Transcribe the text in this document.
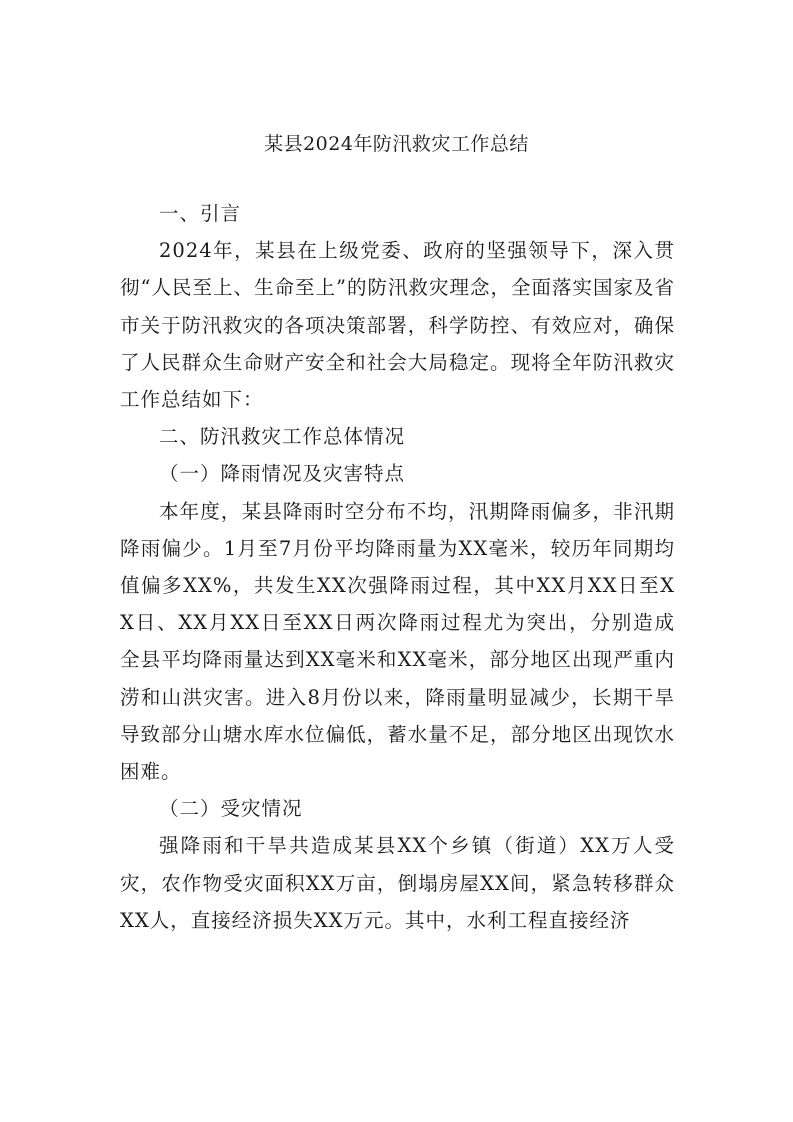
某县2024年防汛救灾工作总结

一、引言

2024年，某县在上级党委、政府的坚强领导下，深入贯彻“人民至上、生命至上”的防汛救灾理念，全面落实国家及省市关于防汛救灾的各项决策部署，科学防控、有效应对，确保了人民群众生命财产安全和社会大局稳定。现将全年防汛救灾工作总结如下：

二、防汛救灾工作总体情况

（一）降雨情况及灾害特点

本年度，某县降雨时空分布不均，汛期降雨偏多，非汛期降雨偏少。1月至7月份平均降雨量为XX毫米，较历年同期均值偏多XX%，共发生XX次强降雨过程，其中XX月XX日至XX日、XX月XX日至XX日两次降雨过程尤为突出，分别造成全县平均降雨量达到XX毫米和XX毫米，部分地区出现严重内涝和山洪灾害。进入8月份以来，降雨量明显减少，长期干旱导致部分山塘水库水位偏低，蓄水量不足，部分地区出现饮水困难。

（二）受灾情况

强降雨和干旱共造成某县XX个乡镇（街道）XX万人受灾，农作物受灾面积XX万亩，倒塌房屋XX间，紧急转移群众XX人，直接经济损失XX万元。其中，水利工程直接经济
